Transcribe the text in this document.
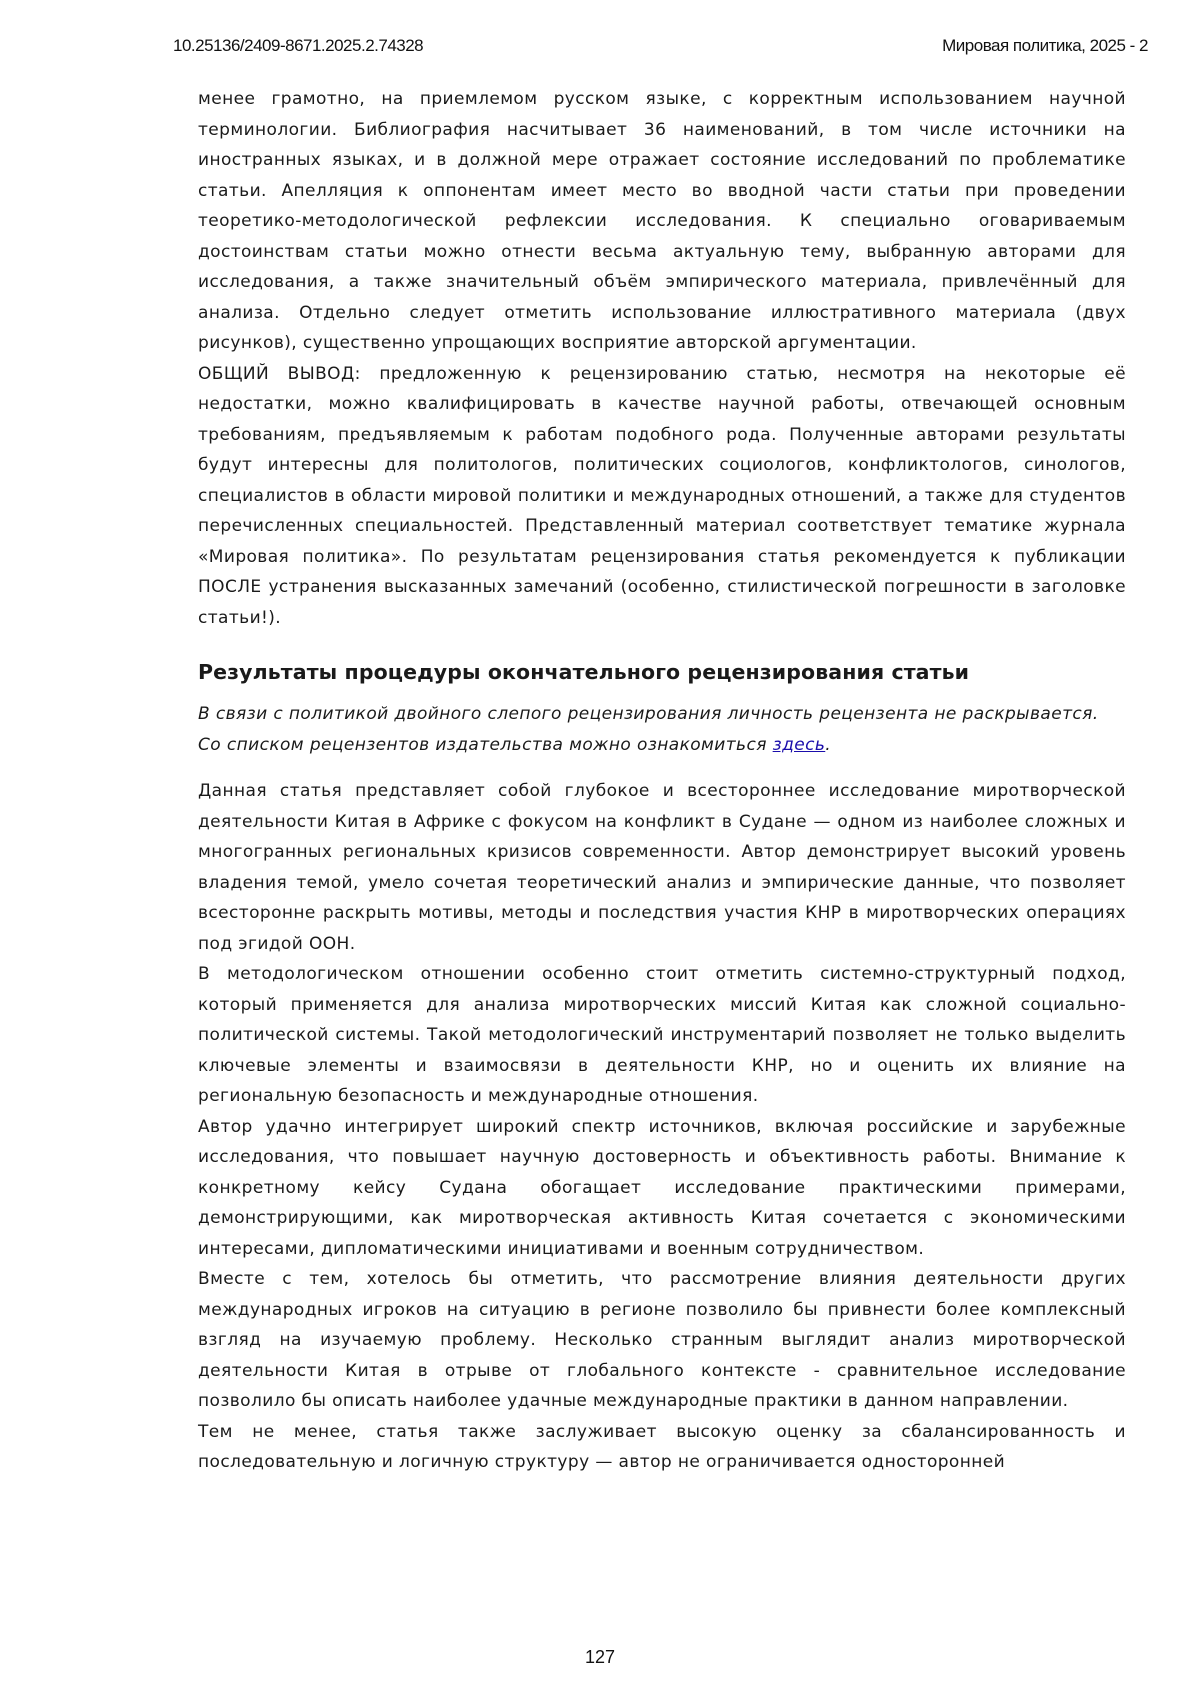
10.25136/2409-8671.2025.2.74328	Мировая политика, 2025 - 2

менее грамотно, на приемлемом русском языке, с корректным использованием научной терминологии. Библиография насчитывает 36 наименований, в том числе источники на иностранных языках, и в должной мере отражает состояние исследований по проблематике статьи. Апелляция к оппонентам имеет место во вводной части статьи при проведении теоретико-методологической рефлексии исследования. К специально оговариваемым достоинствам статьи можно отнести весьма актуальную тему, выбранную авторами для исследования, а также значительный объём эмпирического материала, привлечённый для анализа. Отдельно следует отметить использование иллюстративного материала (двух рисунков), существенно упрощающих восприятие авторской аргументации.

ОБЩИЙ ВЫВОД: предложенную к рецензированию статью, несмотря на некоторые её недостатки, можно квалифицировать в качестве научной работы, отвечающей основным требованиям, предъявляемым к работам подобного рода. Полученные авторами результаты будут интересны для политологов, политических социологов, конфликтологов, синологов, специалистов в области мировой политики и международных отношений, а также для студентов перечисленных специальностей. Представленный материал соответствует тематике журнала «Мировая политика». По результатам рецензирования статья рекомендуется к публикации ПОСЛЕ устранения высказанных замечаний (особенно, стилистической погрешности в заголовке статьи!).

Результаты процедуры окончательного рецензирования статьи

В связи с политикой двойного слепого рецензирования личность рецензента не раскрывается.

Со списком рецензентов издательства можно ознакомиться здесь.

Данная статья представляет собой глубокое и всестороннее исследование миротворческой деятельности Китая в Африке с фокусом на конфликт в Судане — одном из наиболее сложных и многогранных региональных кризисов современности. Автор демонстрирует высокий уровень владения темой, умело сочетая теоретический анализ и эмпирические данные, что позволяет всесторонне раскрыть мотивы, методы и последствия участия КНР в миротворческих операциях под эгидой ООН.

В методологическом отношении особенно стоит отметить системно-структурный подход, который применяется для анализа миротворческих миссий Китая как сложной социально-политической системы. Такой методологический инструментарий позволяет не только выделить ключевые элементы и взаимосвязи в деятельности КНР, но и оценить их влияние на региональную безопасность и международные отношения.

Автор удачно интегрирует широкий спектр источников, включая российские и зарубежные исследования, что повышает научную достоверность и объективность работы. Внимание к конкретному кейсу Судана обогащает исследование практическими примерами, демонстрирующими, как миротворческая активность Китая сочетается с экономическими интересами, дипломатическими инициативами и военным сотрудничеством.

Вместе с тем, хотелось бы отметить, что рассмотрение влияния деятельности других международных игроков на ситуацию в регионе позволило бы привнести более комплексный взгляд на изучаемую проблему. Несколько странным выглядит анализ миротворческой деятельности Китая в отрыве от глобального контексте - сравнительное исследование позволило бы описать наиболее удачные международные практики в данном направлении.

Тем не менее, статья также заслуживает высокую оценку за сбалансированность и последовательную и логичную структуру — автор не ограничивается односторонней

127
